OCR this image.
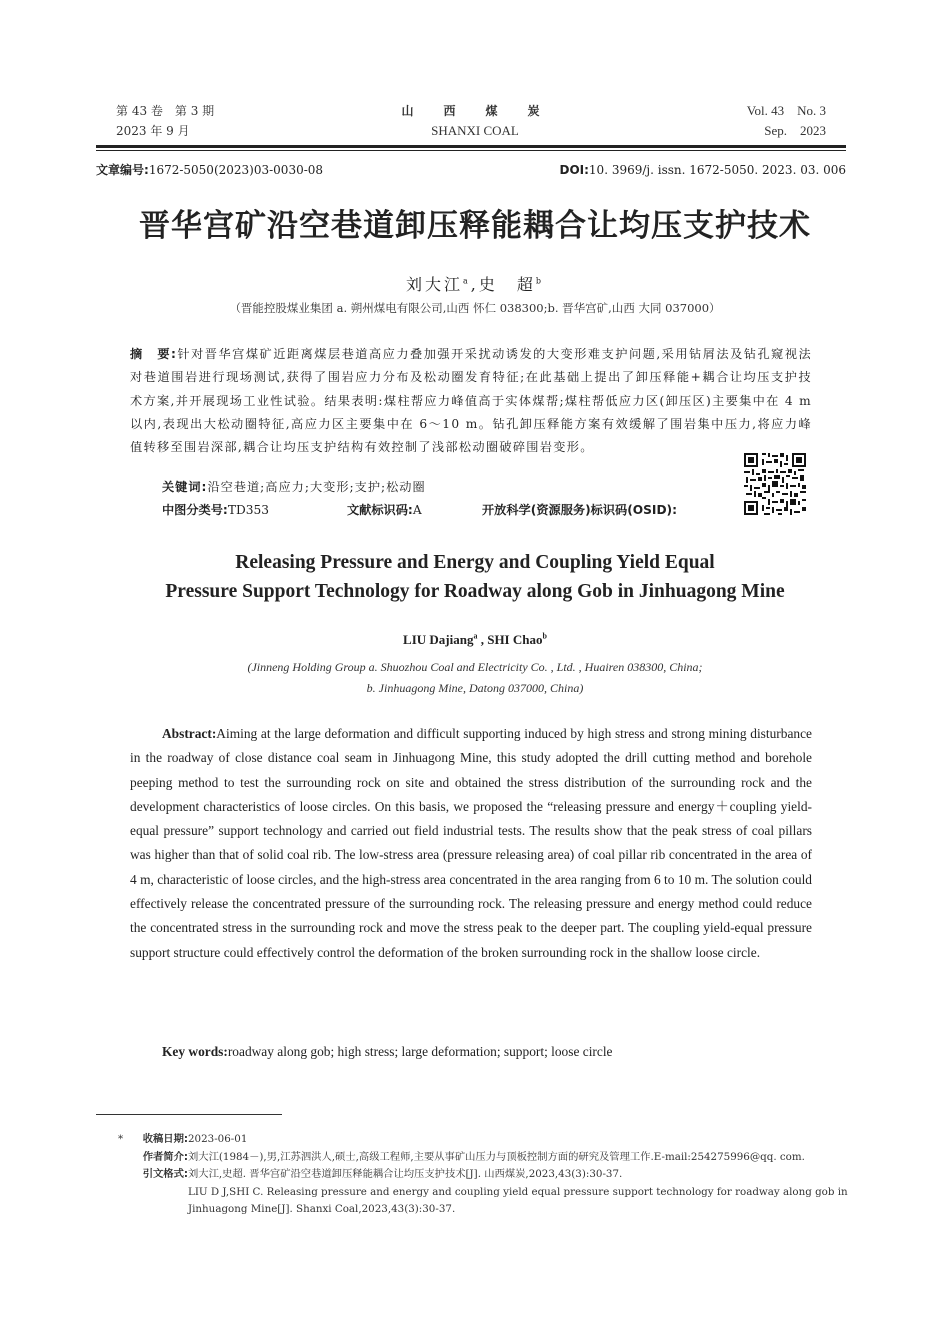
第 43 卷　第 3 期
2023 年 9 月
山　西　煤　炭
SHANXI COAL
Vol. 43　No. 3
Sep.　2023
文章编号:1672-5050(2023)03-0030-08	DOI:10. 3969/j. issn. 1672-5050. 2023. 03. 006
晋华宫矿沿空巷道卸压释能耦合让均压支护技术
刘大江$^a$,史　超$^b$
（晋能控股煤业集团 a. 朔州煤电有限公司,山西 怀仁 038300;b. 晋华宫矿,山西 大同 037000）
摘　要:针对晋华宫煤矿近距离煤层巷道高应力叠加强开采扰动诱发的大变形难支护问题,采用钻屑法及钻孔窥视法对巷道围岩进行现场测试,获得了围岩应力分布及松动圈发育特征;在此基础上提出了卸压释能+耦合让均压支护技术方案,并开展现场工业性试验。结果表明:煤柱帮应力峰值高于实体煤帮;煤柱帮低应力区(卸压区)主要集中在 4 m 以内,表现出大松动圈特征,高应力区主要集中在 6～10 m。钻孔卸压释能方案有效缓解了围岩集中压力,将应力峰值转移至围岩深部,耦合让均压支护结构有效控制了浅部松动圈破碎围岩变形。
关键词:沿空巷道;高应力;大变形;支护;松动圈
中图分类号:TD353	文献标识码:A	开放科学(资源服务)标识码(OSID):
Releasing Pressure and Energy and Coupling Yield Equal
Pressure Support Technology for Roadway along Gob in Jinhuagong Mine
LIU Dajiang$^a$ , SHI Chao$^b$
(Jinneng Holding Group a. Shuozhou Coal and Electricity Co. , Ltd. , Huairen 038300, China;
b. Jinhuagong Mine, Datong 037000, China)
Abstract:Aiming at the large deformation and difficult supporting induced by high stress and strong mining disturbance in the roadway of close distance coal seam in Jinhuagong Mine, this study adopted the drill cutting method and borehole peeping method to test the surrounding rock on site and obtained the stress distribution of the surrounding rock and the development characteristics of loose circles. On this basis, we proposed the “releasing pressure and energy＋coupling yield-equal pressure” support technology and carried out field industrial tests. The results show that the peak stress of coal pillars was higher than that of solid coal rib. The low-stress area (pressure releasing area) of coal pillar rib concentrated in the area of 4 m, characteristic of loose circles, and the high-stress area concentrated in the area ranging from 6 to 10 m. The solution could effectively release the concentrated pressure of the surrounding rock. The releasing pressure and energy method could reduce the concentrated stress in the surrounding rock and move the stress peak to the deeper part. The coupling yield-equal pressure support structure could effectively control the deformation of the broken surrounding rock in the shallow loose circle.
Key words:roadway along gob; high stress; large deformation; support; loose circle
*	收稿日期: 2023-06-01
作者简介: 刘大江(1984－),男,江苏泗洪人,硕士,高级工程师,主要从事矿山压力与顶板控制方面的研究及管理工作.E-mail:254275996@qq. com.
引文格式: 刘大江,史超. 晋华宫矿沿空巷道卸压释能耦合让均压支护技术[J]. 山西煤炭,2023,43(3):30-37.
LIU D J,SHI C. Releasing pressure and energy and coupling yield equal pressure support technology for roadway along gob in Jinhuagong Mine[J]. Shanxi Coal,2023,43(3):30-37.
